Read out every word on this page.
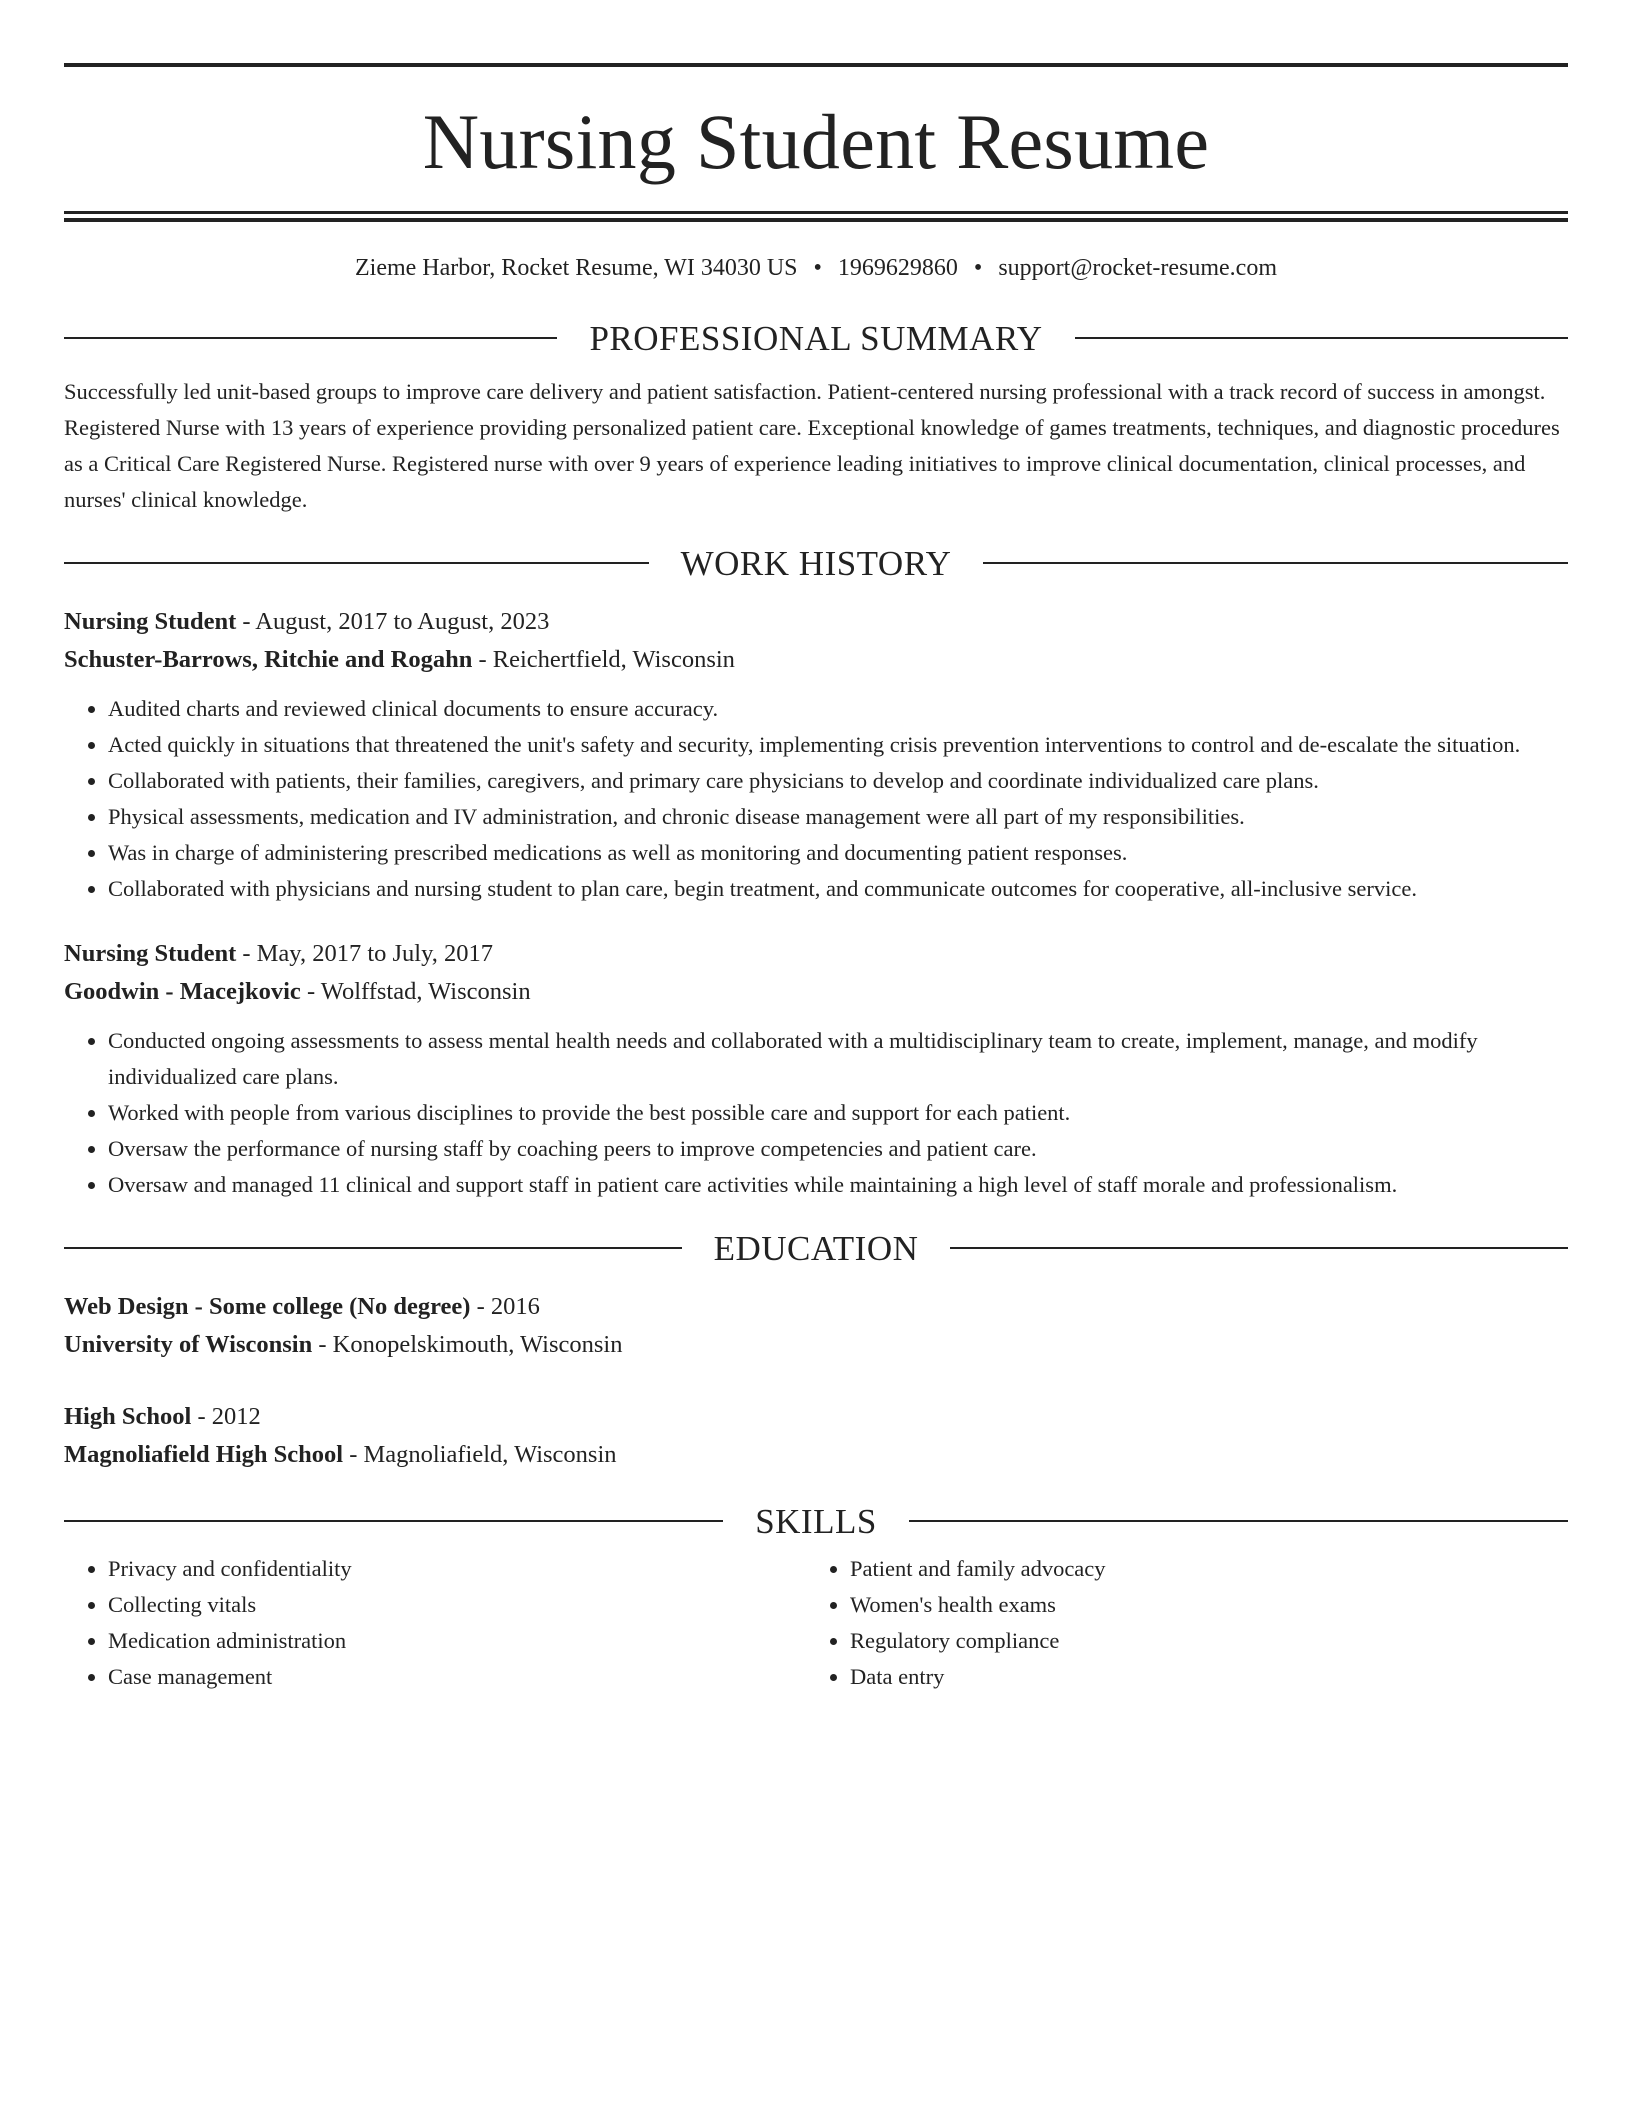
Nursing Student Resume
Zieme Harbor, Rocket Resume, WI 34030 US • 1969629860 • support@rocket-resume.com
PROFESSIONAL SUMMARY

Successfully led unit-based groups to improve care delivery and patient satisfaction. Patient-centered nursing professional with a track record of success in amongst. Registered Nurse with 13 years of experience providing personalized patient care. Exceptional knowledge of games treatments, techniques, and diagnostic procedures as a Critical Care Registered Nurse. Registered nurse with over 9 years of experience leading initiatives to improve clinical documentation, clinical processes, and nurses' clinical knowledge.

WORK HISTORY
Nursing Student - August, 2017 to August, 2023
Schuster-Barrows, Ritchie and Rogahn - Reichertfield, Wisconsin
• Audited charts and reviewed clinical documents to ensure accuracy.
• Acted quickly in situations that threatened the unit's safety and security, implementing crisis prevention interventions to control and de-escalate the situation.
• Collaborated with patients, their families, caregivers, and primary care physicians to develop and coordinate individualized care plans.
• Physical assessments, medication and IV administration, and chronic disease management were all part of my responsibilities.
• Was in charge of administering prescribed medications as well as monitoring and documenting patient responses.
• Collaborated with physicians and nursing student to plan care, begin treatment, and communicate outcomes for cooperative, all-inclusive service.
Nursing Student - May, 2017 to July, 2017
Goodwin - Macejkovic - Wolffstad, Wisconsin
• Conducted ongoing assessments to assess mental health needs and collaborated with a multidisciplinary team to create, implement, manage, and modify individualized care plans.
• Worked with people from various disciplines to provide the best possible care and support for each patient.
• Oversaw the performance of nursing staff by coaching peers to improve competencies and patient care.
• Oversaw and managed 11 clinical and support staff in patient care activities while maintaining a high level of staff morale and professionalism.
EDUCATION
Web Design - Some college (No degree) - 2016
University of Wisconsin - Konopelskimouth, Wisconsin
High School - 2012
Magnoliafield High School - Magnoliafield, Wisconsin
SKILLS
• Privacy and confidentiality
• Collecting vitals
• Medication administration
• Case management
• Patient and family advocacy
• Women's health exams
• Regulatory compliance
• Data entry
